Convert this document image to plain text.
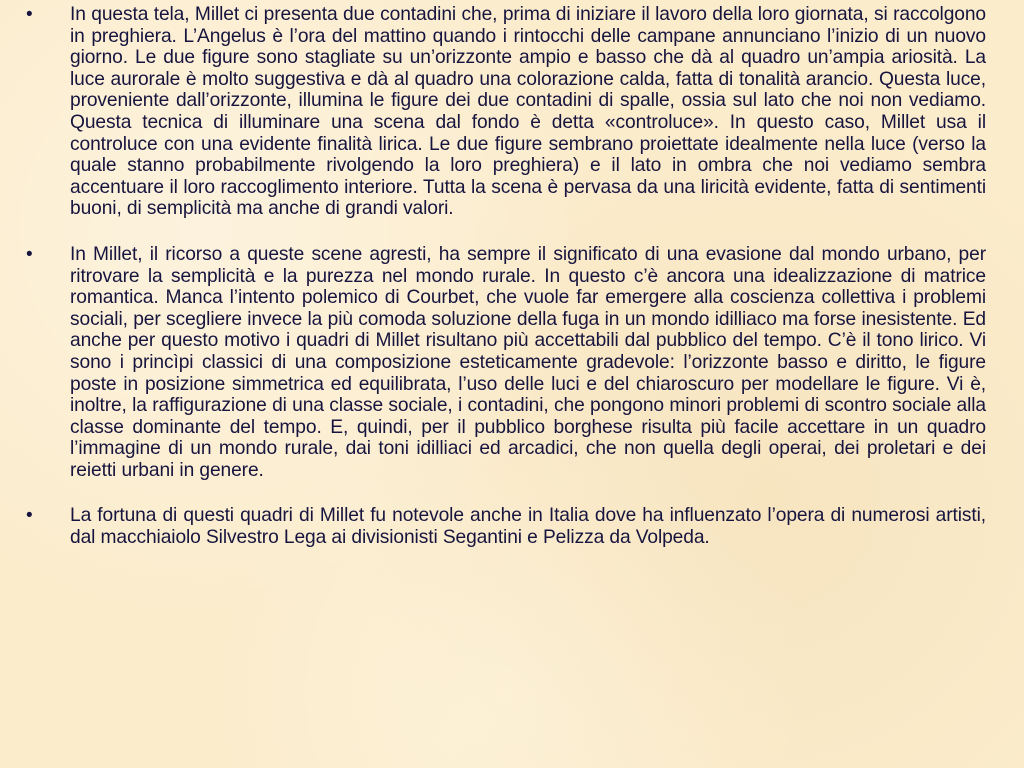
•	In questa tela, Millet ci presenta due contadini che, prima di iniziare il lavoro della loro giornata, si raccolgono in preghiera. L’Angelus è l’ora del mattino quando i rintocchi delle campane annunciano l’inizio di un nuovo giorno. Le due figure sono stagliate su un’orizzonte ampio e basso che dà al quadro un’ampia ariosità. La luce aurorale è molto suggestiva e dà al quadro una colorazione calda, fatta di tonalità arancio. Questa luce, proveniente dall’orizzonte, illumina le figure dei due contadini di spalle, ossia sul lato che noi non vediamo. Questa tecnica di illuminare una scena dal fondo è detta «controluce». In questo caso, Millet usa il controluce con una evidente finalità lirica. Le due figure sembrano proiettate idealmente nella luce (verso la quale stanno probabilmente rivolgendo la loro preghiera) e il lato in ombra che noi vediamo sembra accentuare il loro raccoglimento interiore. Tutta la scena è pervasa da una liricità evidente, fatta di sentimenti buoni, di semplicità ma anche di grandi valori.

•	In Millet, il ricorso a queste scene agresti, ha sempre il significato di una evasione dal mondo urbano, per ritrovare la semplicità e la purezza nel mondo rurale. In questo c’è ancora una idealizzazione di matrice romantica. Manca l’intento polemico di Courbet, che vuole far emergere alla coscienza collettiva i problemi sociali, per scegliere invece la più comoda soluzione della fuga in un mondo idilliaco ma forse inesistente. Ed anche per questo motivo i quadri di Millet risultano più accettabili dal pubblico del tempo. C’è il tono lirico. Vi sono i princìpi classici di una composizione esteticamente gradevole: l’orizzonte basso e diritto, le figure poste in posizione simmetrica ed equilibrata, l’uso delle luci e del chiaroscuro per modellare le figure. Vi è, inoltre, la raffigurazione di una classe sociale, i contadini, che pongono minori problemi di scontro sociale alla classe dominante del tempo. E, quindi, per il pubblico borghese risulta più facile accettare in un quadro l’immagine di un mondo rurale, dai toni idilliaci ed arcadici, che non quella degli operai, dei proletari e dei reietti urbani in genere.

•	La fortuna di questi quadri di Millet fu notevole anche in Italia dove ha influenzato l’opera di numerosi artisti, dal macchiaiolo Silvestro Lega ai divisionisti Segantini e Pelizza da Volpeda.
